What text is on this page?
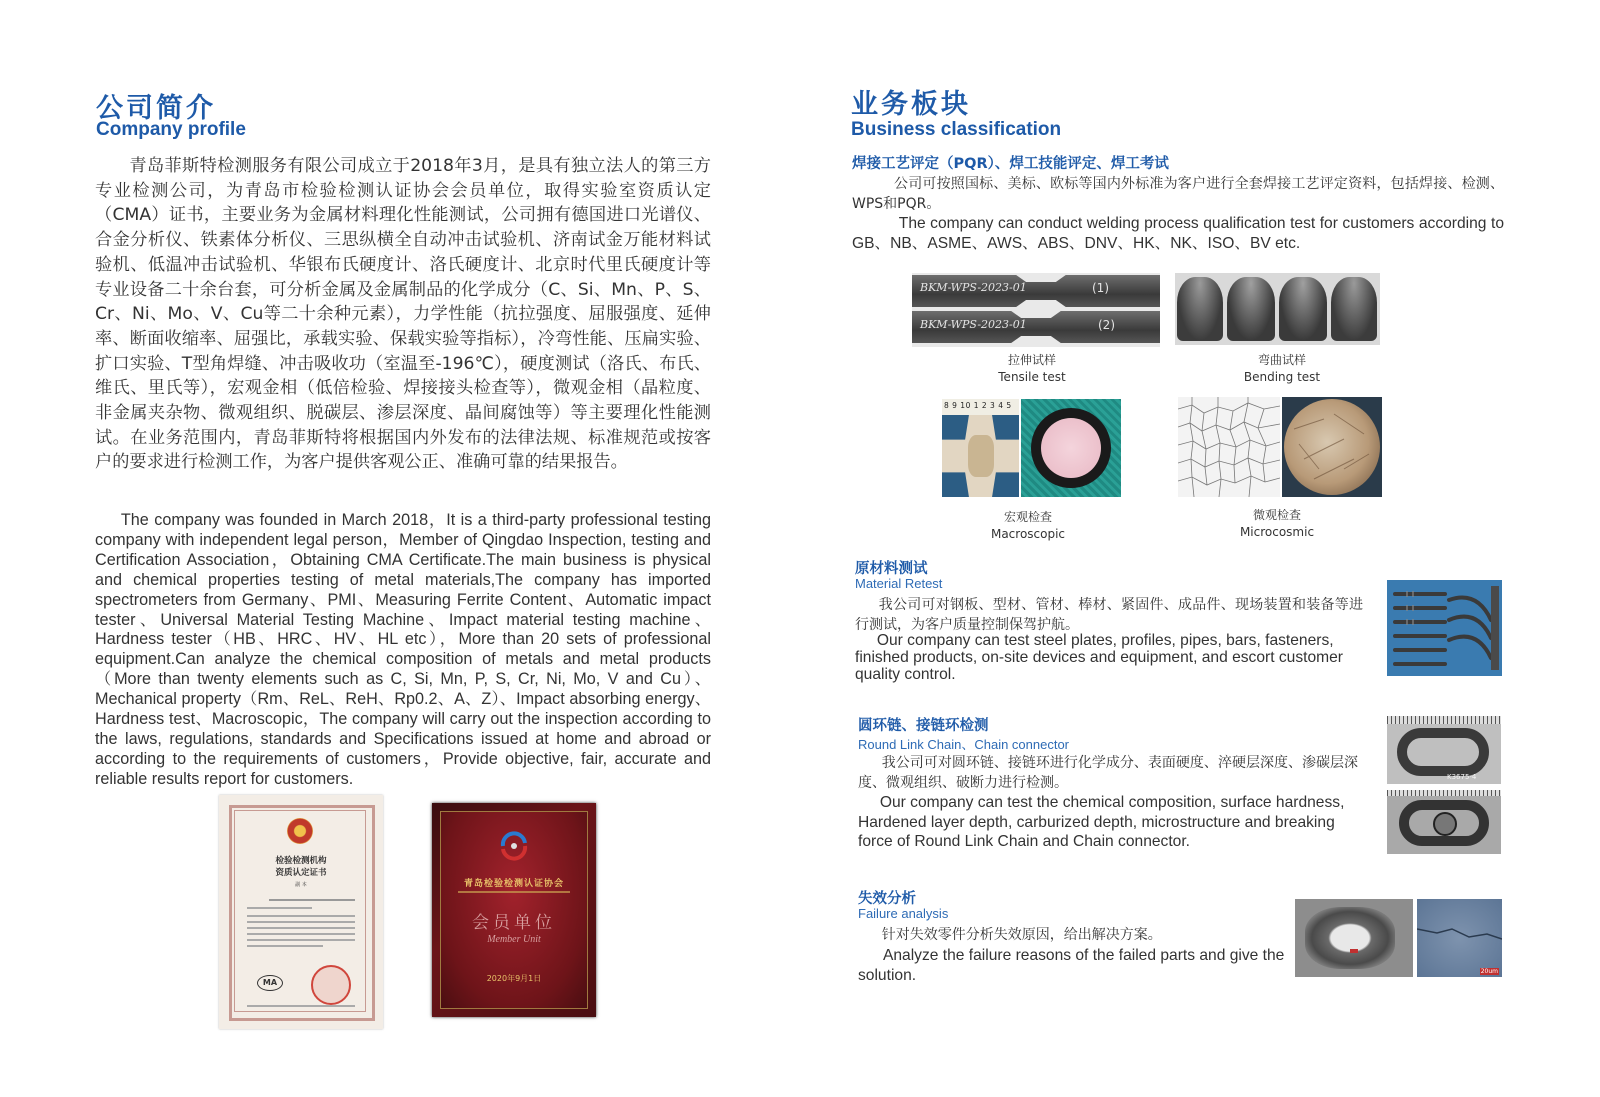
公司简介
Company profile
青岛菲斯特检测服务有限公司成立于2018年3月，是具有独立法人的第三方专业检测公司，为青岛市检验检测认证协会会员单位，取得实验室资质认定（CMA）证书，主要业务为金属材料理化性能测试，公司拥有德国进口光谱仪、合金分析仪、铁素体分析仪、三思纵横全自动冲击试验机、济南试金万能材料试验机、低温冲击试验机、华银布氏硬度计、洛氏硬度计、北京时代里氏硬度计等专业设备二十余台套，可分析金属及金属制品的化学成分（C、Si、Mn、P、S、Cr、Ni、Mo、V、Cu等二十余种元素），力学性能（抗拉强度、屈服强度、延伸率、断面收缩率、屈强比，承载实验、保载实验等指标），冷弯性能、压扁实验、扩口实验、T型角焊缝、冲击吸收功（室温至-196℃），硬度测试（洛氏、布氏、维氏、里氏等），宏观金相（低倍检验、焊接接头检查等），微观金相（晶粒度、非金属夹杂物、微观组织、脱碳层、渗层深度、晶间腐蚀等）等主要理化性能测试。在业务范围内，青岛菲斯特将根据国内外发布的法律法规、标准规范或按客户的要求进行检测工作，为客户提供客观公正、准确可靠的结果报告。
The company was founded in March 2018，It is a third-party professional testing company with independent legal person，Member of Qingdao Inspection, testing and Certification Association，Obtaining CMA Certificate.The main business is physical and chemical properties testing of metal materials,The company has imported spectrometers from Germany、PMI、Measuring Ferrite Content、Automatic impact tester、Universal Material Testing Machine、Impact material testing machine、Hardness tester（HB、HRC、HV、HL etc），More than 20 sets of professional equipment.Can analyze the chemical composition of metals and metal products（More than twenty elements such as C, Si, Mn, P, S, Cr, Ni, Mo, V and Cu）、Mechanical property（Rm、ReL、ReH、Rp0.2、A、Z）、Impact absorbing energy、Hardness test、Macroscopic，The company will carry out the inspection according to the laws, regulations, standards and Specifications issued at home and abroad or according to the requirements of customers，Provide objective, fair, accurate and reliable results report for customers.
检验检测机构
资质认定证书
副 本
MA
青岛检验检测认证协会
会员单位
Member Unit
2020年9月1日
业务板块
Business classification
焊接工艺评定（PQR）、焊工技能评定、焊工考试
公司可按照国标、美标、欧标等国内外标准为客户进行全套焊接工艺评定资料，包括焊接、检测、WPS和PQR。
The company can conduct welding process qualification test for customers according to GB、NB、ASME、AWS、ABS、DNV、HK、NK、ISO、BV etc.
BKM-WPS-2023-01	(1)
BKM-WPS-2023-01	(2)
拉伸试样
Tensile test
弯曲试样
Bending test
8 9 10 1 2 3 4 5
宏观检查
Macroscopic
微观检查
Microcosmic
原材料测试
Material Retest
我公司可对钢板、型材、管材、棒材、紧固件、成品件、现场装置和装备等进行测试，为客户质量控制保驾护航。
Our company can test steel plates, profiles, pipes, bars, fasteners, finished products, on-site devices and equipment, and escort customer quality control.
圆环链、接链环检测
Round Link Chain、Chain connector
我公司可对圆环链、接链环进行化学成分、表面硬度、淬硬层深度、渗碳层深度、微观组织、破断力进行检测。
Our company can test the chemical composition, surface hardness, Hardened layer depth, carburized depth, microstructure and breaking force of Round Link Chain and Chain connector.
K3675-4
失效分析
Failure analysis
针对失效零件分析失效原因，给出解决方案。
Analyze the failure reasons of the failed parts and give the solution.	20um
